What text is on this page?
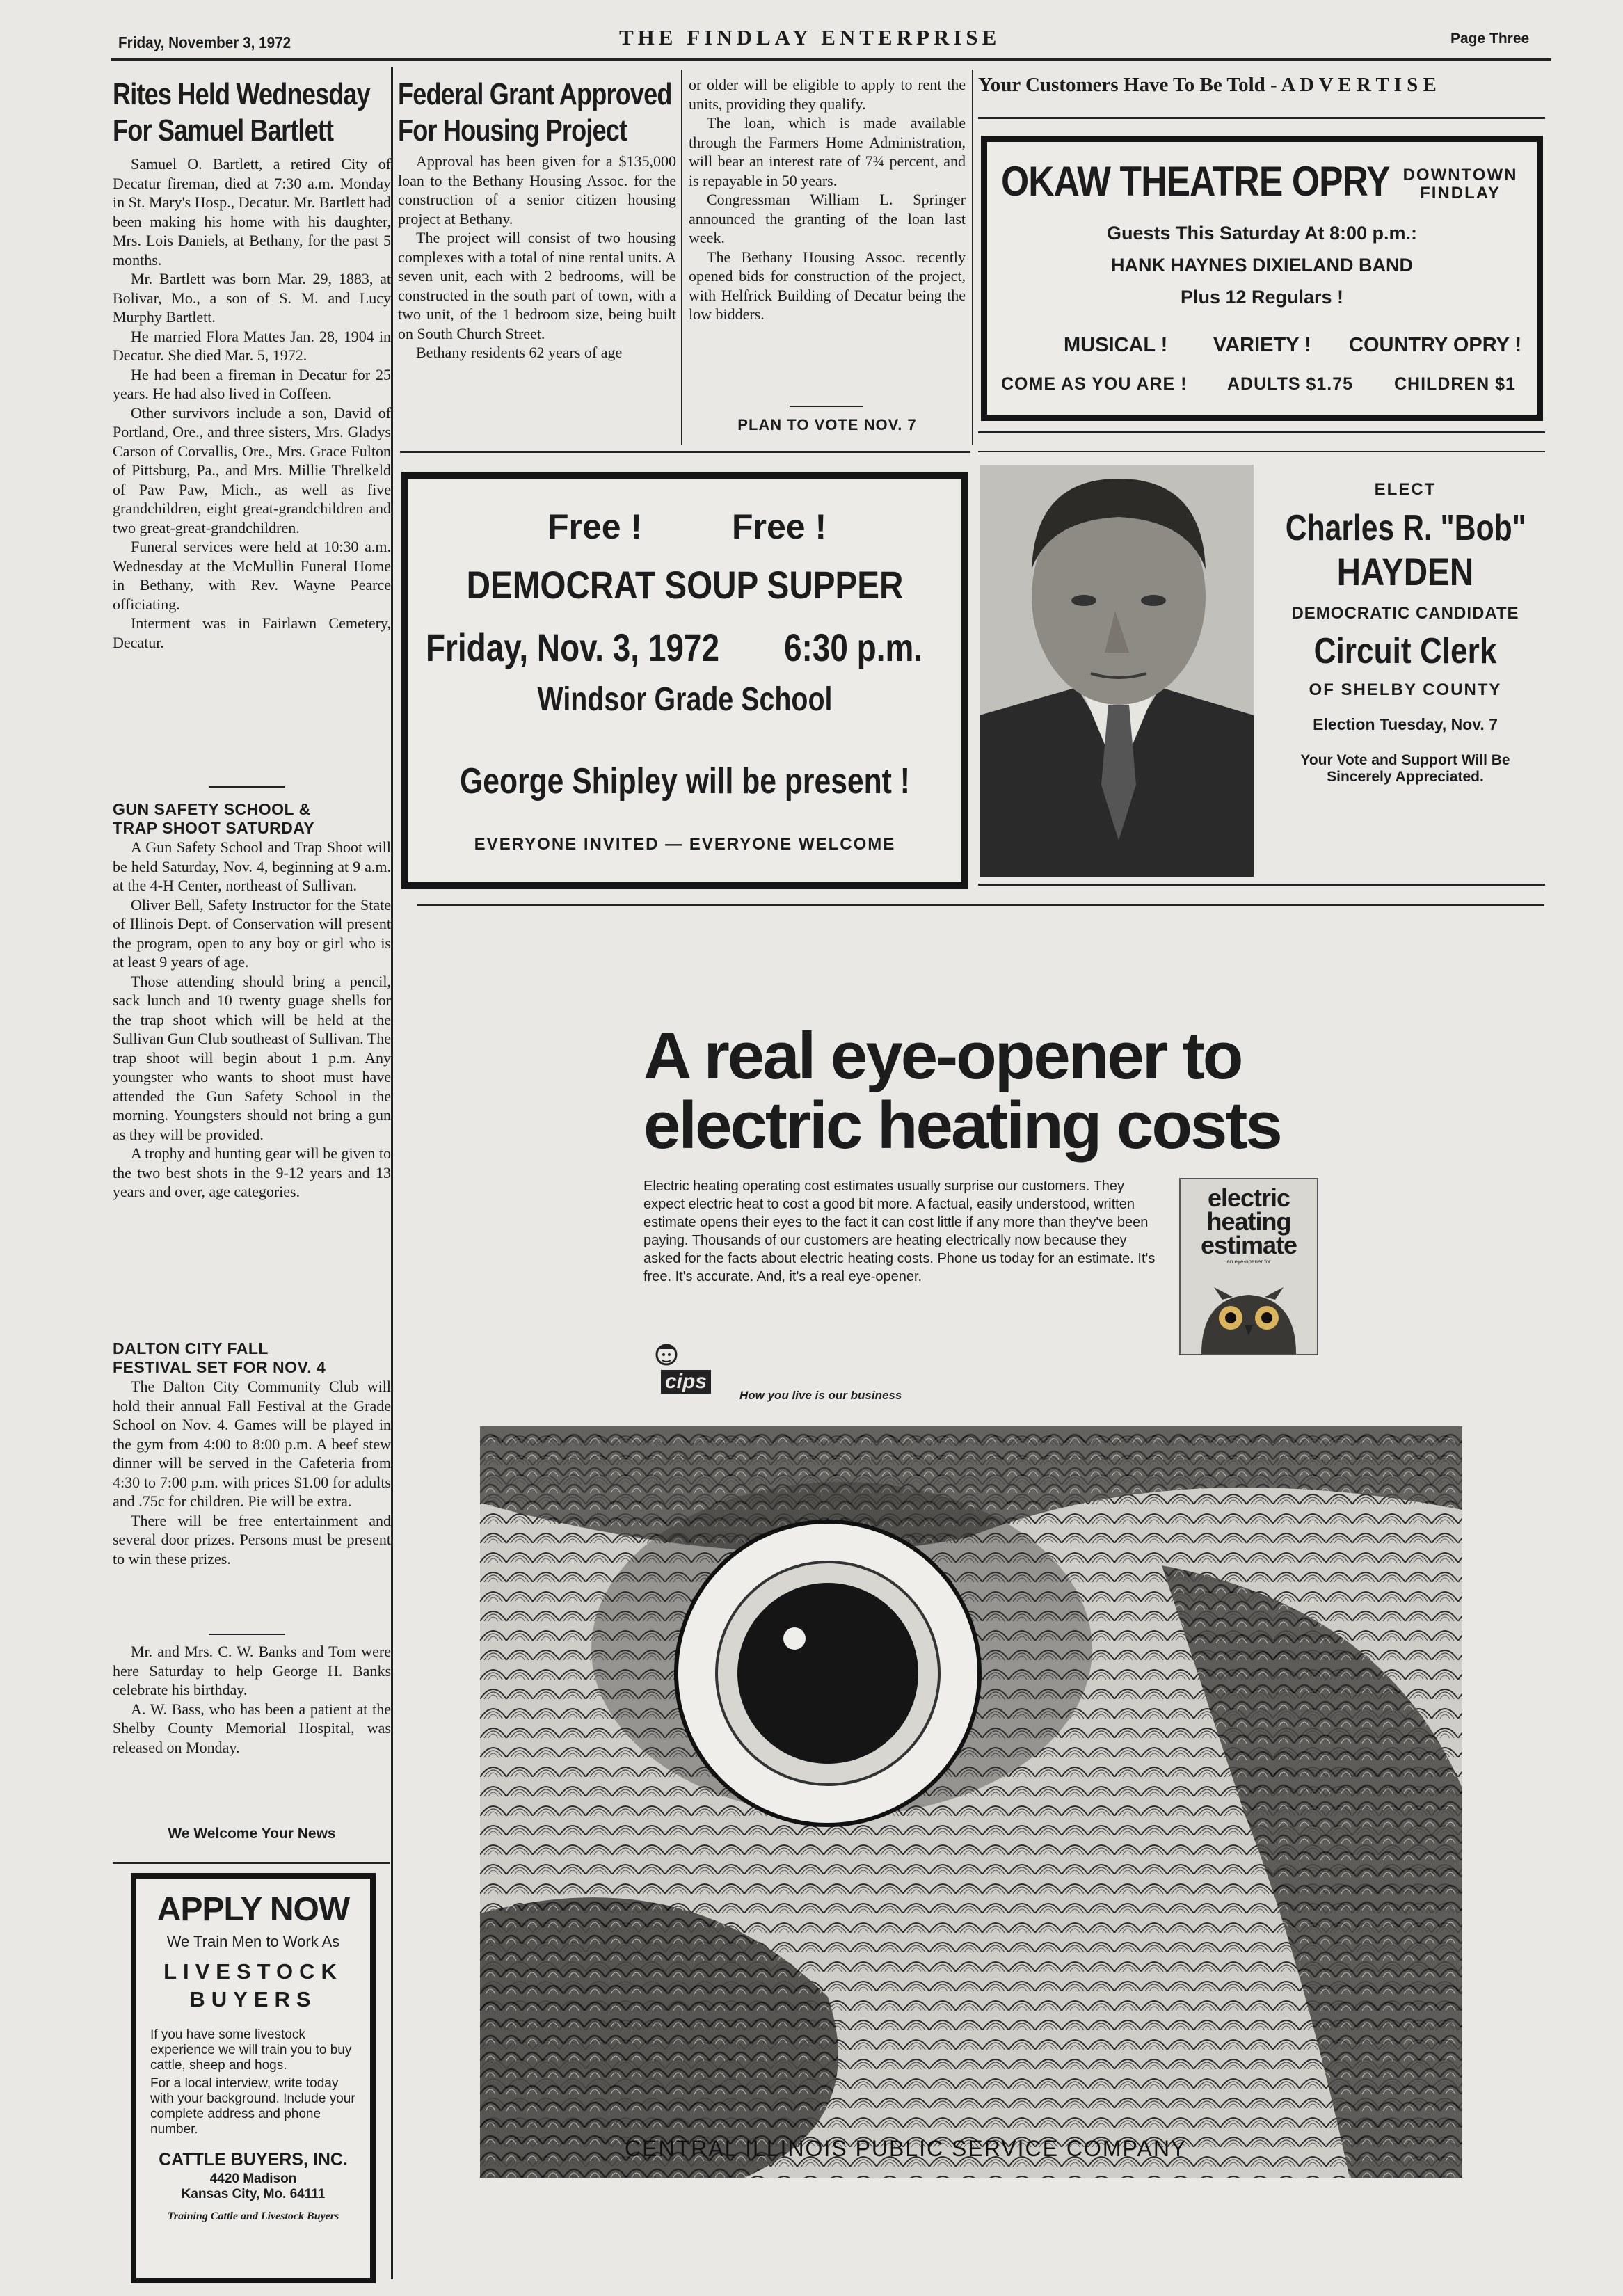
Friday, November 3, 1972	THE FINDLAY ENTERPRISE	Page Three
Rites Held Wednesday
For Samuel Bartlett

Samuel O. Bartlett, a retired City of Decatur fireman, died at 7:30 a.m. Monday in St. Mary's Hosp., Decatur. Mr. Bartlett had been making his home with his daughter, Mrs. Lois Daniels, at Bethany, for the past 5 months.

Mr. Bartlett was born Mar. 29, 1883, at Bolivar, Mo., a son of S. M. and Lucy Murphy Bartlett.

He married Flora Mattes Jan. 28, 1904 in Decatur. She died Mar. 5, 1972.

He had been a fireman in Decatur for 25 years. He had also lived in Coffeen.

Other survivors include a son, David of Portland, Ore., and three sisters, Mrs. Gladys Carson of Corvallis, Ore., Mrs. Grace Fulton of Pittsburg, Pa., and Mrs. Millie Threlkeld of Paw Paw, Mich., as well as five grandchildren, eight great-grandchildren and two great-great-grandchildren.

Funeral services were held at 10:30 a.m. Wednesday at the McMullin Funeral Home in Bethany, with Rev. Wayne Pearce officiating.

Interment was in Fairlawn Cemetery, Decatur.

GUN SAFETY SCHOOL &
TRAP SHOOT SATURDAY

A Gun Safety School and Trap Shoot will be held Saturday, Nov. 4, beginning at 9 a.m. at the 4-H Center, northeast of Sullivan.

Oliver Bell, Safety Instructor for the State of Illinois Dept. of Conservation will present the program, open to any boy or girl who is at least 9 years of age.

Those attending should bring a pencil, sack lunch and 10 twenty guage shells for the trap shoot which will be held at the Sullivan Gun Club southeast of Sullivan. The trap shoot will begin about 1 p.m. Any youngster who wants to shoot must have attended the Gun Safety School in the morning. Youngsters should not bring a gun as they will be provided.

A trophy and hunting gear will be given to the two best shots in the 9-12 years and 13 years and over, age categories.

DALTON CITY FALL
FESTIVAL SET FOR NOV. 4

The Dalton City Community Club will hold their annual Fall Festival at the Grade School on Nov. 4. Games will be played in the gym from 4:00 to 8:00 p.m. A beef stew dinner will be served in the Cafeteria from 4:30 to 7:00 p.m. with prices $1.00 for adults and .75c for children. Pie will be extra.

There will be free entertainment and several door prizes. Persons must be present to win these prizes.

Mr. and Mrs. C. W. Banks and Tom were here Saturday to help George H. Banks celebrate his birthday.

A. W. Bass, who has been a patient at the Shelby County Memorial Hospital, was released on Monday.

We Welcome Your News
APPLY NOW
We Train Men to Work As
LIVESTOCK
BUYERS
If you have some livestock experience we will train you to buy cattle, sheep and hogs.
For a local interview, write today with your background. Include your complete address and phone number.
CATTLE BUYERS, INC.
4420 Madison
Kansas City, Mo. 64111
Training Cattle and Livestock Buyers
Federal Grant Approved
For Housing Project

Approval has been given for a $135,000 loan to the Bethany Housing Assoc. for the construction of a senior citizen housing project at Bethany.

The project will consist of two housing complexes with a total of nine rental units. A seven unit, each with 2 bedrooms, will be constructed in the south part of town, with a two unit, of the 1 bedroom size, being built on South Church Street.

Bethany residents 62 years of age

or older will be eligible to apply to rent the units, providing they qualify.

The loan, which is made available through the Farmers Home Administration, will bear an interest rate of 7¾ percent, and is repayable in 50 years.

Congressman William L. Springer announced the granting of the loan last week.

The Bethany Housing Assoc. recently opened bids for construction of the project, with Helfrick Building of Decatur being the low bidders.

PLAN TO VOTE NOV. 7
Your Customers Have To Be Told - A D V E R T I S E
OKAW THEATRE OPRY DOWNTOWN
FINDLAY
Guests This Saturday At 8:00 p.m.:
HANK HAYNES DIXIELAND BAND
Plus 12 Regulars !
MUSICAL ! VARIETY ! COUNTRY OPRY !
COME AS YOU ARE ! ADULTS $1.75 CHILDREN $1
Free !	Free !
DEMOCRAT SOUP SUPPER
Friday, Nov. 3, 1972 6:30 p.m.
Windsor Grade School
George Shipley will be present !
EVERYONE INVITED — EVERYONE WELCOME
ELECT
Charles R. "Bob"
HAYDEN
DEMOCRATIC CANDIDATE
Circuit Clerk
OF SHELBY COUNTY
Election Tuesday, Nov. 7
Your Vote and Support Will Be
Sincerely Appreciated.
A real eye-opener to
electric heating costs
Electric heating operating cost estimates usually surprise our customers. They expect electric heat to cost a good bit more. A factual, easily understood, written estimate opens their eyes to the fact it can cost little if any more than they've been paying. Thousands of our customers are heating electrically now because they asked for the facts about electric heating costs. Phone us today for an estimate. It's free. It's accurate. And, it's a real eye-opener.
electric
heating
estimate
an eye-opener for
cips
How you live is our business
CENTRAL ILLINOIS PUBLIC SERVICE COMPANY
